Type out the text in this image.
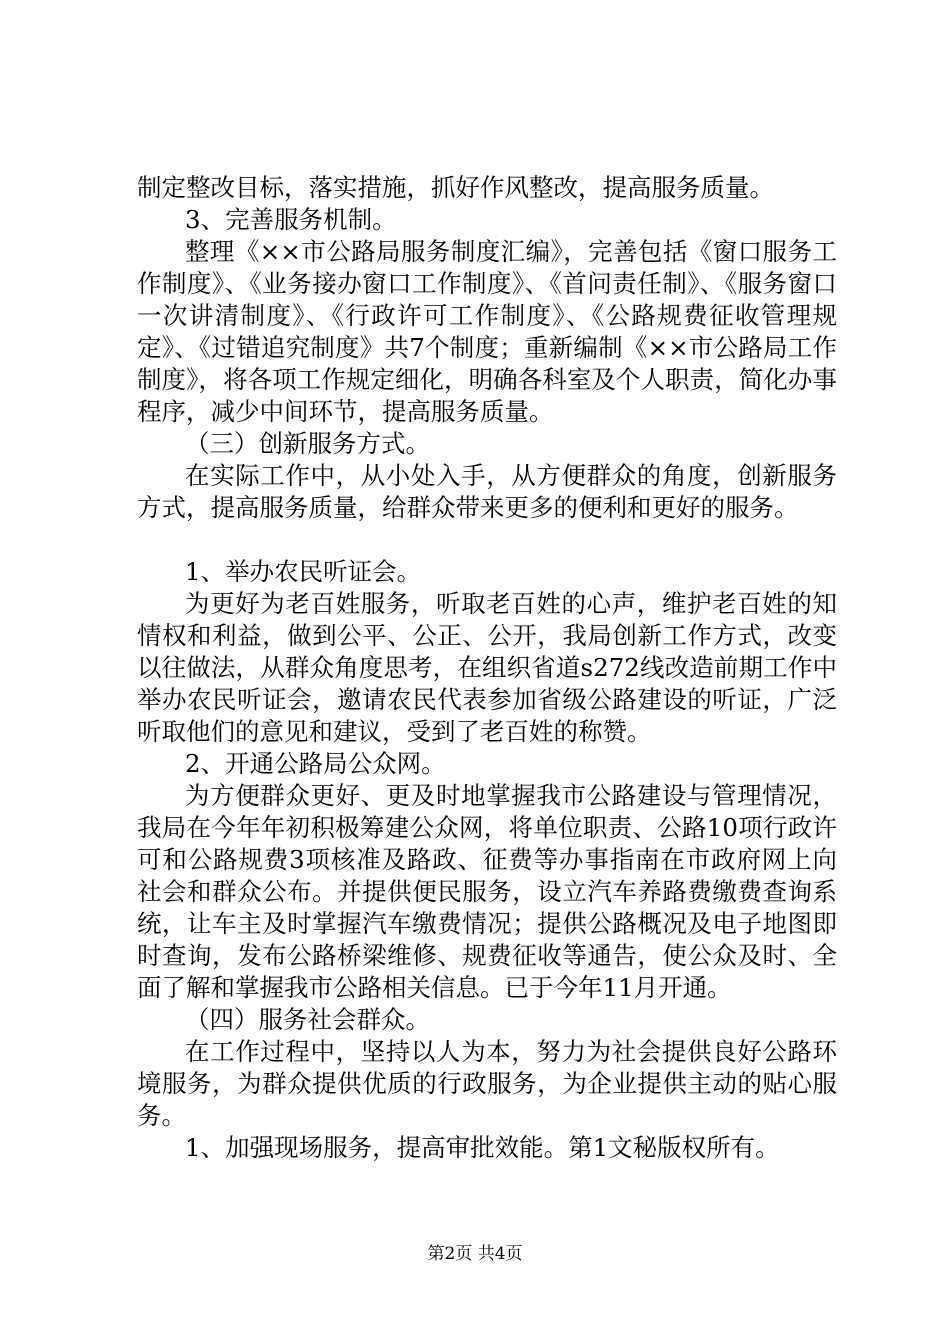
制定整改目标，落实措施，抓好作风整改，提高服务质量。

3、完善服务机制。

整理《××市公路局服务制度汇编》，完善包括《窗口服务工作制度》、《业务接办窗口工作制度》、《首问责任制》、《服务窗口一次讲清制度》、《行政许可工作制度》、《公路规费征收管理规定》、《过错追究制度》共7个制度；重新编制《××市公路局工作制度》，将各项工作规定细化，明确各科室及个人职责，简化办事程序，减少中间环节，提高服务质量。

（三）创新服务方式。

在实际工作中，从小处入手，从方便群众的角度，创新服务方式，提高服务质量，给群众带来更多的便利和更好的服务。

1、举办农民听证会。

为更好为老百姓服务，听取老百姓的心声，维护老百姓的知情权和利益，做到公平、公正、公开，我局创新工作方式，改变以往做法，从群众角度思考，在组织省道s272线改造前期工作中举办农民听证会，邀请农民代表参加省级公路建设的听证，广泛听取他们的意见和建议，受到了老百姓的称赞。

2、开通公路局公众网。

为方便群众更好、更及时地掌握我市公路建设与管理情况，我局在今年年初积极筹建公众网，将单位职责、公路10项行政许可和公路规费3项核准及路政、征费等办事指南在市政府网上向社会和群众公布。并提供便民服务，设立汽车养路费缴费查询系统，让车主及时掌握汽车缴费情况；提供公路概况及电子地图即时查询，发布公路桥梁维修、规费征收等通告，使公众及时、全面了解和掌握我市公路相关信息。已于今年11月开通。

（四）服务社会群众。

在工作过程中，坚持以人为本，努力为社会提供良好公路环境服务，为群众提供优质的行政服务，为企业提供主动的贴心服务。

1、加强现场服务，提高审批效能。第1文秘版权所有。

第2页 共4页
